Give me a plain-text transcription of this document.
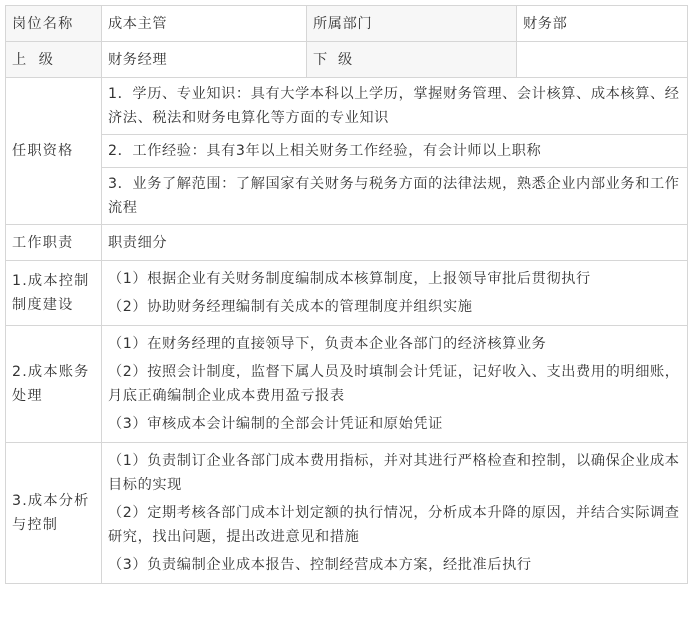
岗位名称	成本主管	所属部门	财务部
上  级	财务经理	下  级	
任职资格	1．学历、专业知识：具有大学本科以上学历，掌握财务管理、会计核算、成本核算、经济法、税法和财务电算化等方面的专业知识		
	2．工作经验：具有3年以上相关财务工作经验，有会计师以上职称		
	3．业务了解范围：了解国家有关财务与税务方面的法律法规，熟悉企业内部业务和工作流程		
工作职责	职责细分		
1.成本控制制度建设	（1）根据企业有关财务制度编制成本核算制度，上报领导审批后贯彻执行

（2）协助财务经理编制有关成本的管理制度并组织实施		

2.成本账务处理	（1）在财务经理的直接领导下，负责本企业各部门的经济核算业务

（2）按照会计制度，监督下属人员及时填制会计凭证，记好收入、支出费用的明细账，月底正确编制企业成本费用盈亏报表

（3）审核成本会计编制的全部会计凭证和原始凭证		

3.成本分析与控制	（1）负责制订企业各部门成本费用指标，并对其进行严格检查和控制，以确保企业成本目标的实现

（2）定期考核各部门成本计划定额的执行情况，分析成本升降的原因，并结合实际调查研究，找出问题，提出改进意见和措施

（3）负责编制企业成本报告、控制经营成本方案，经批准后执行		
